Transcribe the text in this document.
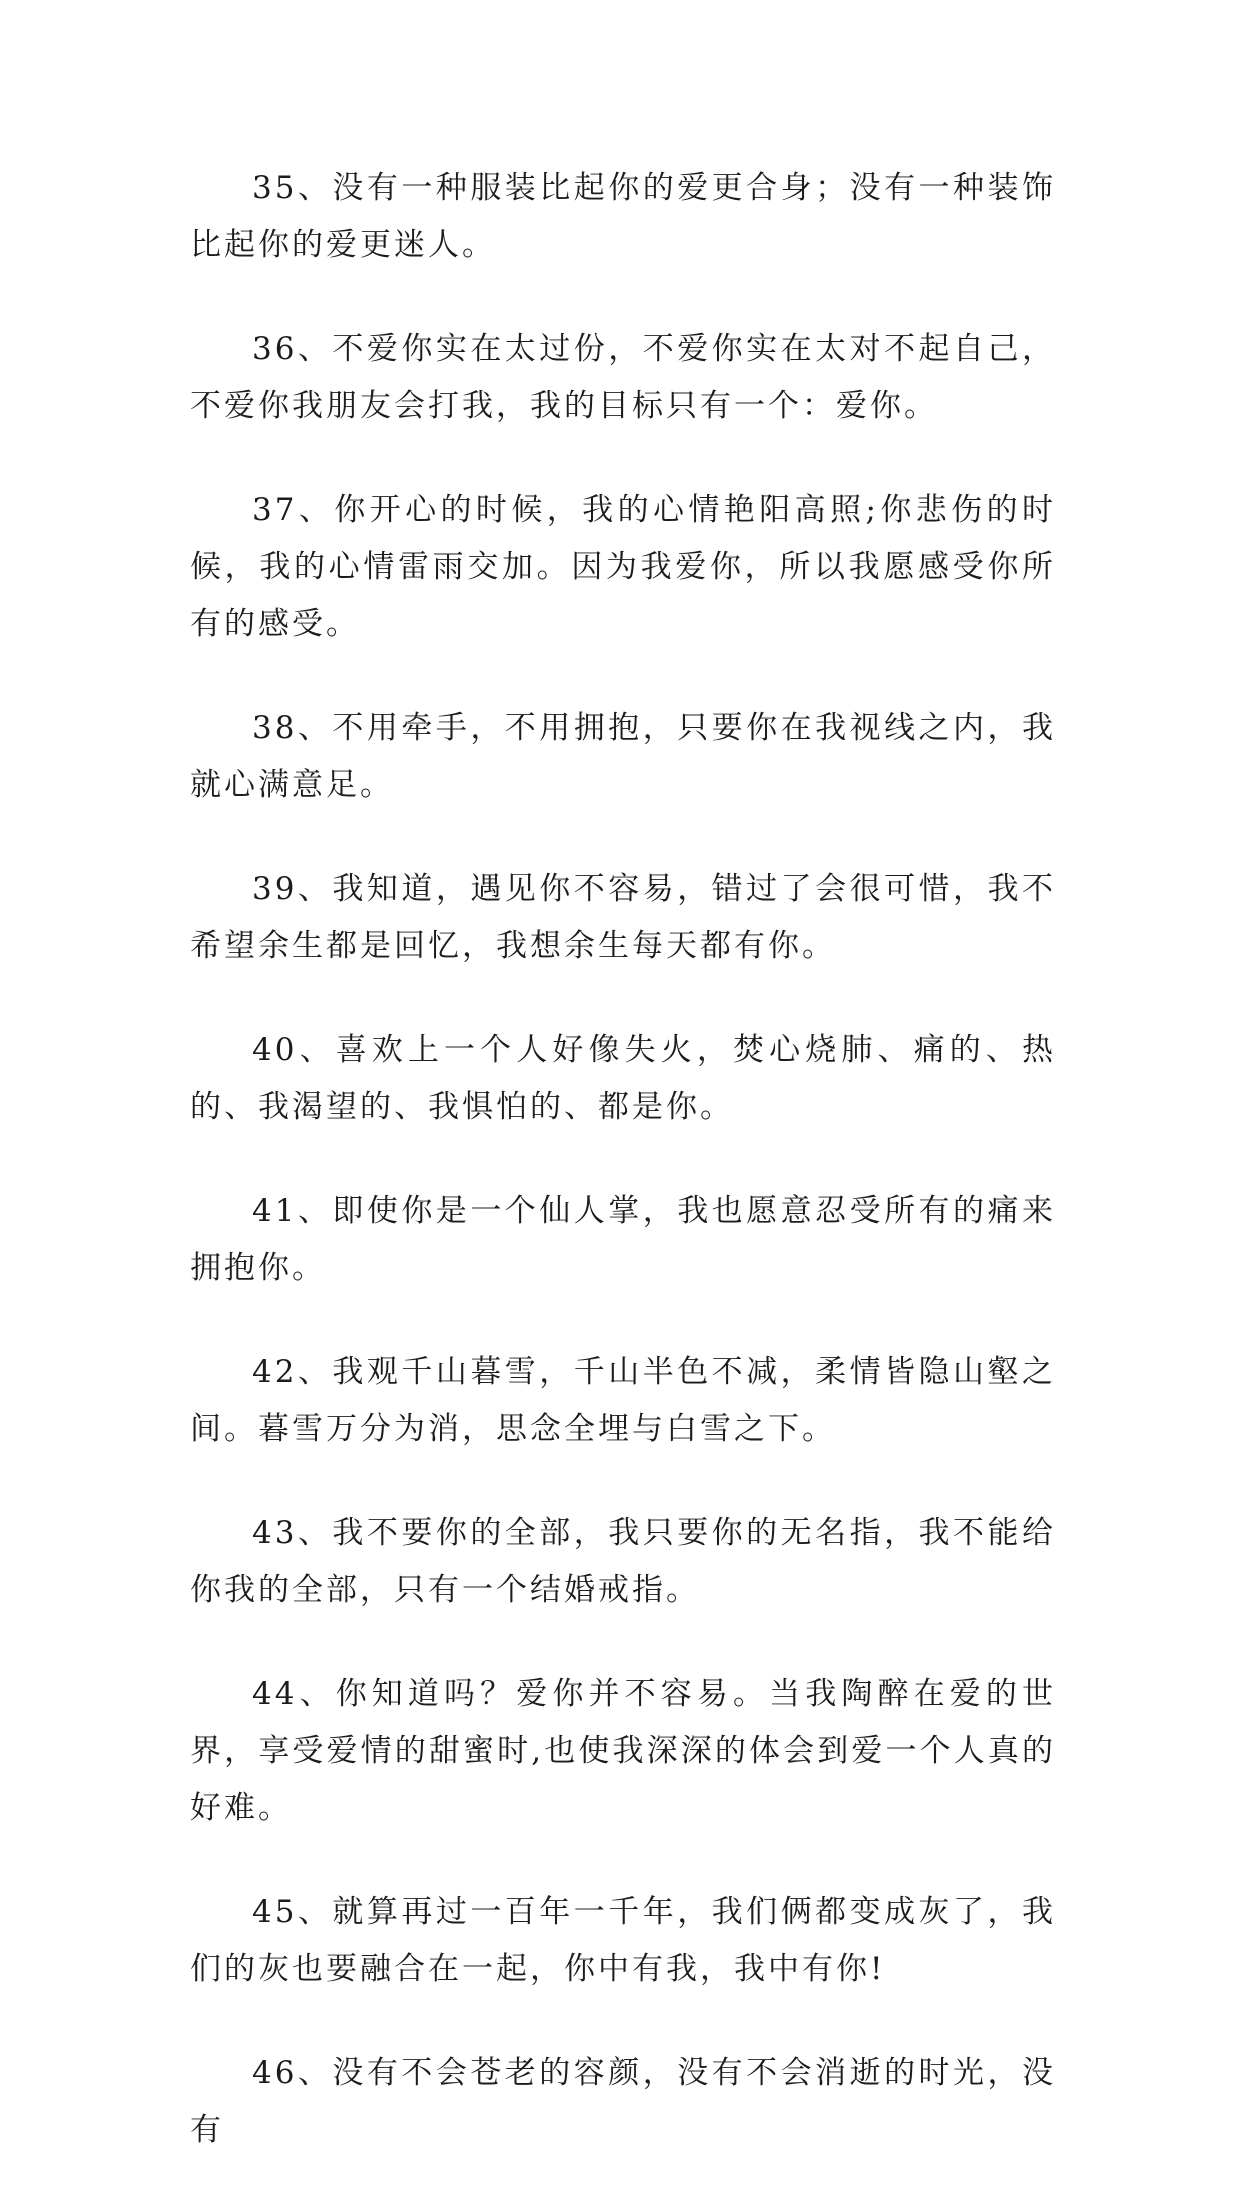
35、没有一种服装比起你的爱更合身；没有一种装饰比起你的爱更迷人。

36、不爱你实在太过份，不爱你实在太对不起自己，不爱你我朋友会打我，我的目标只有一个：爱你。

37、你开心的时候，我的心情艳阳高照;你悲伤的时候，我的心情雷雨交加。因为我爱你，所以我愿感受你所有的感受。

38、不用牵手，不用拥抱，只要你在我视线之内，我就心满意足。

39、我知道，遇见你不容易，错过了会很可惜，我不希望余生都是回忆，我想余生每天都有你。

40、喜欢上一个人好像失火，焚心烧肺、痛的、热的、我渴望的、我惧怕的、都是你。

41、即使你是一个仙人掌，我也愿意忍受所有的痛来拥抱你。

42、我观千山暮雪，千山半色不减，柔情皆隐山壑之间。暮雪万分为消，思念全埋与白雪之下。

43、我不要你的全部，我只要你的无名指，我不能给你我的全部，只有一个结婚戒指。

44、你知道吗？爱你并不容易。当我陶醉在爱的世界，享受爱情的甜蜜时,也使我深深的体会到爱一个人真的好难。

45、就算再过一百年一千年，我们俩都变成灰了，我们的灰也要融合在一起，你中有我，我中有你!

46、没有不会苍老的容颜，没有不会消逝的时光，没有
